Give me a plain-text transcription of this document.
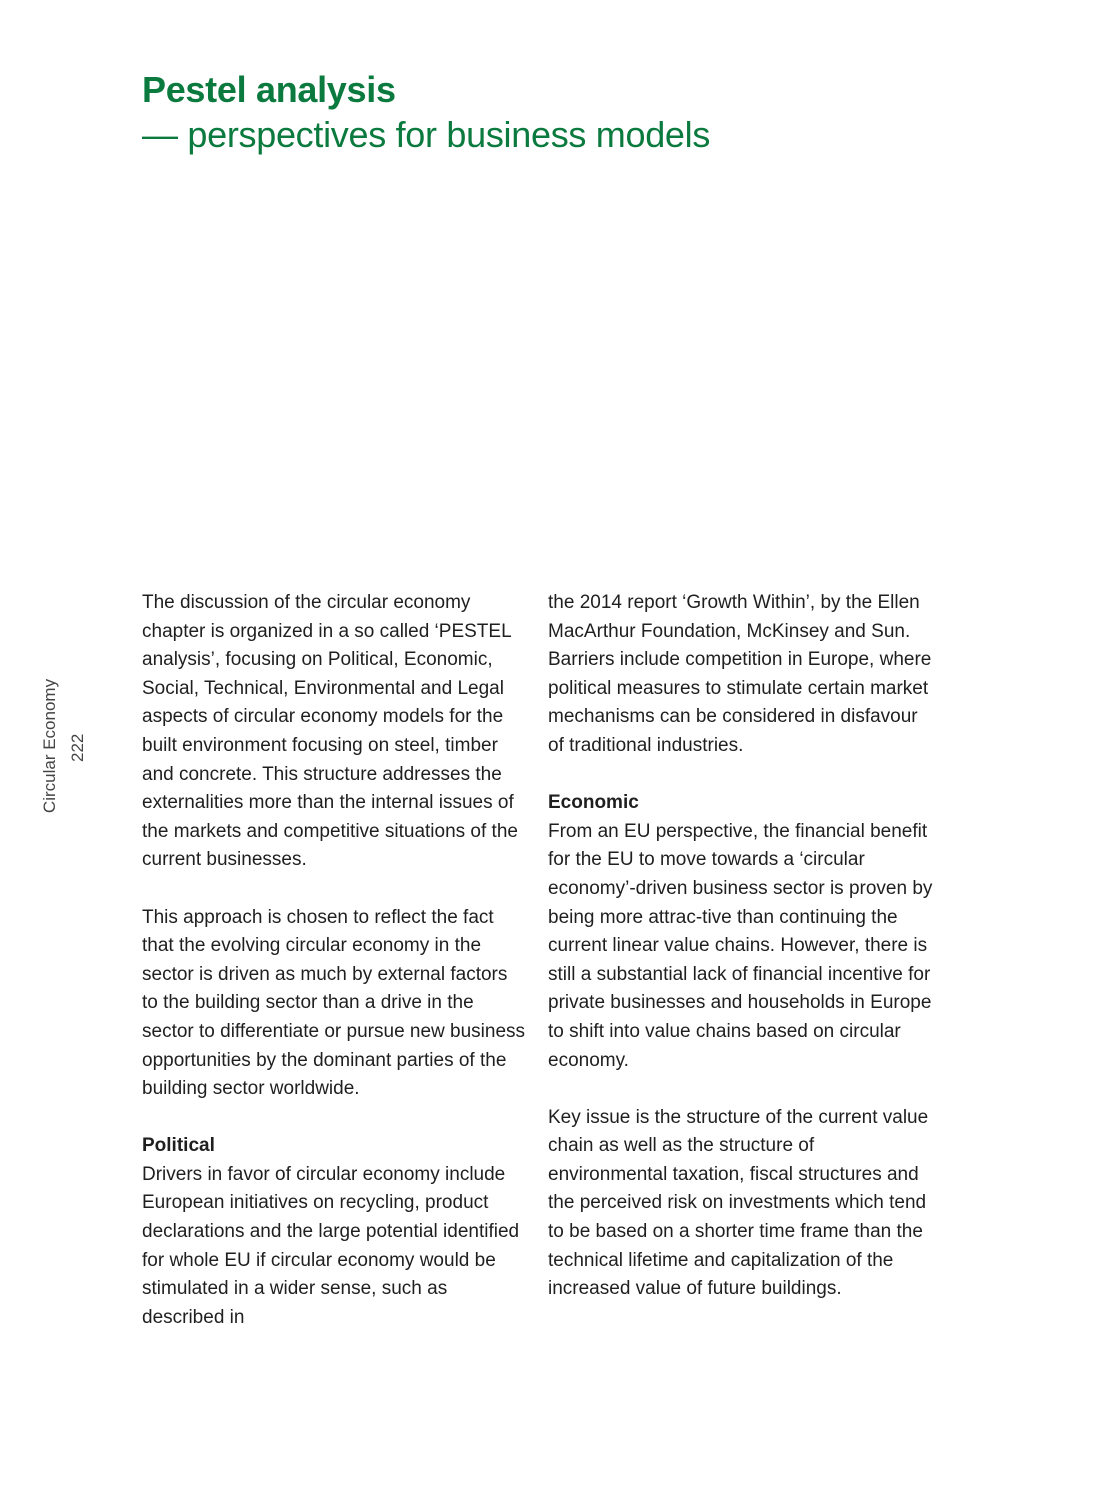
Pestel analysis
— perspectives for business models
Circular Economy 222

The discussion of the circular economy chapter is organized in a so called ‘PESTEL analysis’, focusing on Political, Economic, Social, Technical, Environmental and Legal aspects of circular economy models for the built environment focusing on steel, timber and concrete. This structure addresses the externalities more than the internal issues of the markets and competitive situations of the current businesses.

This approach is chosen to reflect the fact that the evolving circular economy in the sector is driven as much by external factors to the building sector than a drive in the sector to differentiate or pursue new business opportunities by the dominant parties of the building sector worldwide.

Political
Drivers in favor of circular economy include European initiatives on recycling, product declarations and the large potential identified for whole EU if circular economy would be stimulated in a wider sense, such as described in

the 2014 report ‘Growth Within’, by the Ellen MacArthur Foundation, McKinsey and Sun. Barriers include competition in Europe, where political measures to stimulate certain market mechanisms can be considered in disfavour of traditional industries.

Economic
From an EU perspective, the financial benefit for the EU to move towards a ‘circular economy’-driven business sector is proven by being more attrac-tive than continuing the current linear value chains. However, there is still a substantial lack of financial incentive for private businesses and households in Europe to shift into value chains based on circular economy.

Key issue is the structure of the current value chain as well as the structure of environmental taxation, fiscal structures and the perceived risk on investments which tend to be based on a shorter time frame than the technical lifetime and capitalization of the increased value of future buildings.
